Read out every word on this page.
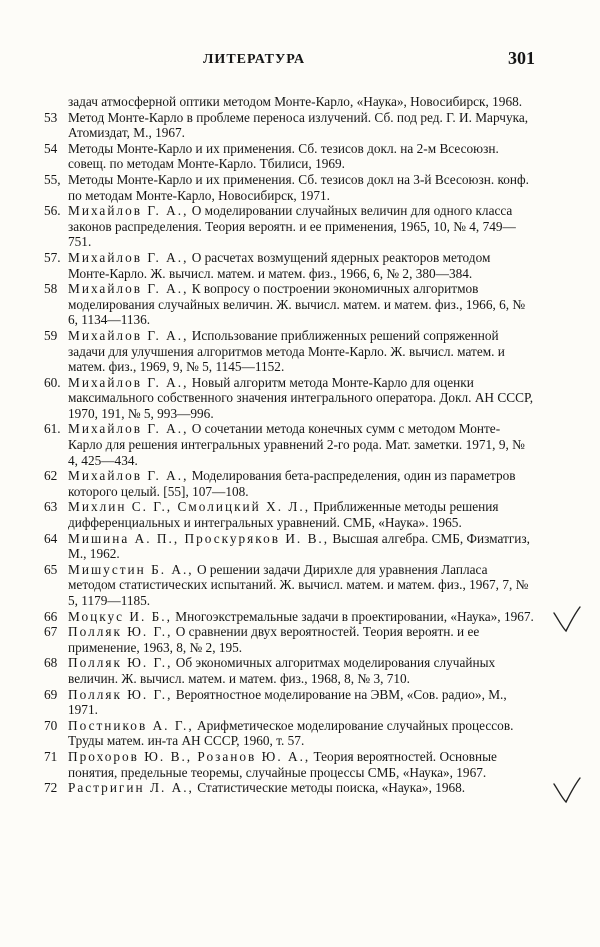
ЛИТЕРАТУРА	301
задач атмосферной оптики методом Монте-Карло, «Наука», Новосибирск, 1968.
53 Метод Монте-Карло в проблеме переноса излучений. Сб. под ред. Г. И. Марчука, Атомиздат, М., 1967.
54 Методы Монте-Карло и их применения. Сб. тезисов докл. на 2-м Всесоюзн. совещ. по методам Монте-Карло. Тбилиси, 1969.
55, Методы Монте-Карло и их применения. Сб. тезисов докл на 3-й Всесоюзн. конф. по методам Монте-Карло, Новосибирск, 1971.
56. Михайлов Г. А., О моделировании случайных величин для одного класса законов распределения. Теория вероятн. и ее применения, 1965, 10, № 4, 749—751.
57. Михайлов Г. А., О расчетах возмущений ядерных реакторов методом Монте-Карло. Ж. вычисл. матем. и матем. физ., 1966, 6, № 2, 380—384.
58 Михайлов Г. А., К вопросу о построении экономичных алгоритмов моделирования случайных величин. Ж. вычисл. матем. и матем. физ., 1966, 6, № 6, 1134—1136.
59 Михайлов Г. А., Использование приближенных решений сопряженной задачи для улучшения алгоритмов метода Монте-Карло. Ж. вычисл. матем. и матем. физ., 1969, 9, № 5, 1145—1152.
60. Михайлов Г. А., Новый алгоритм метода Монте-Карло для оценки максимального собственного значения интегрального оператора. Докл. АН СССР, 1970, 191, № 5, 993—996.
61. Михайлов Г. А., О сочетании метода конечных сумм с методом Монте-Карло для решения интегральных уравнений 2-го рода. Мат. заметки. 1971, 9, № 4, 425—434.
62 Михайлов Г. А., Моделирования бета-распределения, один из параметров которого целый. [55], 107—108.
63 Михлин С. Г., Смолицкий Х. Л., Приближенные методы решения дифференциальных и интегральных уравнений. СМБ, «Наука». 1965.
64 Мишина А. П., Проскуряков И. В., Высшая алгебра. СМБ, Физматгиз, М., 1962.
65 Мишустин Б. А., О решении задачи Дирихле для уравнения Лапласа методом статистических испытаний. Ж. вычисл. матем. и матем. физ., 1967, 7, № 5, 1179—1185.
66 Моцкус И. Б., Многоэкстремальные задачи в проектировании, «Наука», 1967.
67 Полляк Ю. Г., О сравнении двух вероятностей. Теория вероятн. и ее применение, 1963, 8, № 2, 195.
68 Полляк Ю. Г., Об экономичных алгоритмах моделирования случайных величин. Ж. вычисл. матем. и матем. физ., 1968, 8, № 3, 710.
69 Полляк Ю. Г., Вероятностное моделирование на ЭВМ, «Сов. радио», М., 1971.
70 Постников А. Г., Арифметическое моделирование случайных процессов. Труды матем. ин-та АН СССР, 1960, т. 57.
71 Прохоров Ю. В., Розанов Ю. А., Теория вероятностей. Основные понятия, предельные теоремы, случайные процессы СМБ, «Наука», 1967.
72 Растригин Л. А., Статистические методы поиска, «Наука», 1968.
